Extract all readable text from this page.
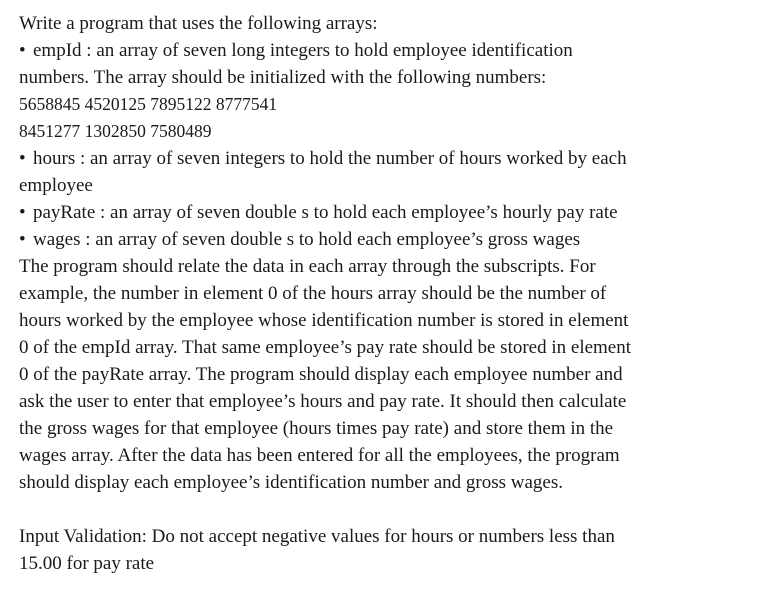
Write a program that uses the following arrays:
• empId : an array of seven long integers to hold employee identification
numbers. The array should be initialized with the following numbers:
5658845 4520125 7895122 8777541
8451277 1302850 7580489
• hours : an array of seven integers to hold the number of hours worked by each
employee
• payRate : an array of seven double s to hold each employee’s hourly pay rate
• wages : an array of seven double s to hold each employee’s gross wages
The program should relate the data in each array through the subscripts. For
example, the number in element 0 of the hours array should be the number of
hours worked by the employee whose identification number is stored in element
0 of the empId array. That same employee’s pay rate should be stored in element
0 of the payRate array. The program should display each employee number and
ask the user to enter that employee’s hours and pay rate. It should then calculate
the gross wages for that employee (hours times pay rate) and store them in the
wages array. After the data has been entered for all the employees, the program
should display each employee’s identification number and gross wages.
Input Validation: Do not accept negative values for hours or numbers less than
15.00 for pay rate
